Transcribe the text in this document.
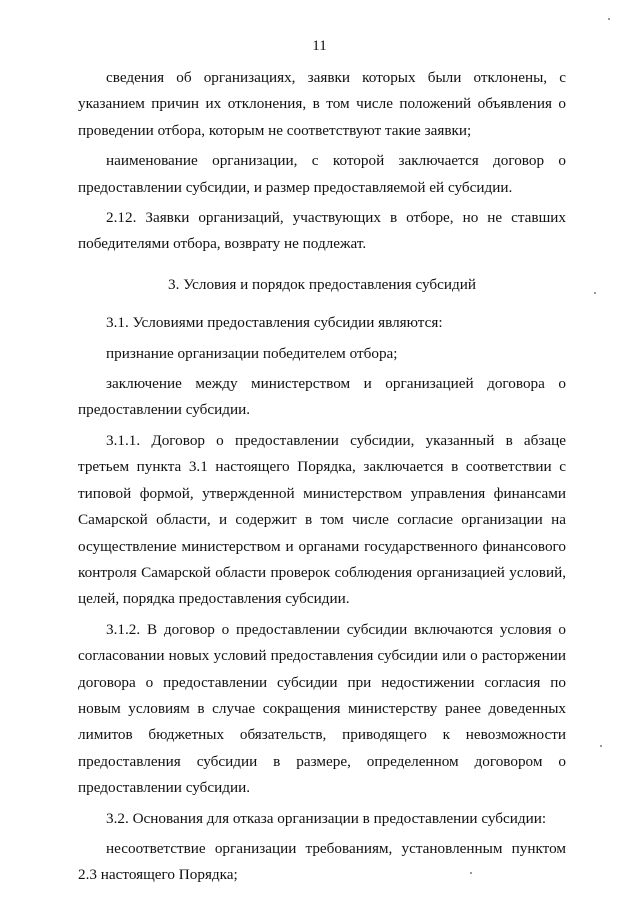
11

сведения об организациях, заявки которых были отклонены, с указанием причин их отклонения, в том числе положений объявления о проведении отбора, которым не соответствуют такие заявки;

наименование организации, с которой заключается договор о предоставлении субсидии, и размер предоставляемой ей субсидии.

2.12. Заявки организаций, участвующих в отборе, но не ставших победителями отбора, возврату не подлежат.

3. Условия и порядок предоставления субсидий

3.1. Условиями предоставления субсидии являются:

признание организации победителем отбора;

заключение между министерством и организацией договора о предоставлении субсидии.

3.1.1. Договор о предоставлении субсидии, указанный в абзаце третьем пункта 3.1 настоящего Порядка, заключается в соответствии с типовой формой, утвержденной министерством управления финансами Самарской области, и содержит в том числе согласие организации на осуществление министерством и органами государственного финансового контроля Самарской области проверок соблюдения организацией условий, целей, порядка предоставления субсидии.

3.1.2. В договор о предоставлении субсидии включаются условия о согласовании новых условий предоставления субсидии или о расторжении договора о предоставлении субсидии при недостижении согласия по новым условиям в случае сокращения министерству ранее доведенных лимитов бюджетных обязательств, приводящего к невозможности предоставления субсидии в размере, определенном договором о предоставлении субсидии.

3.2. Основания для отказа организации в предоставлении субсидии:

несоответствие организации требованиям, установленным пунктом 2.3 настоящего Порядка;
